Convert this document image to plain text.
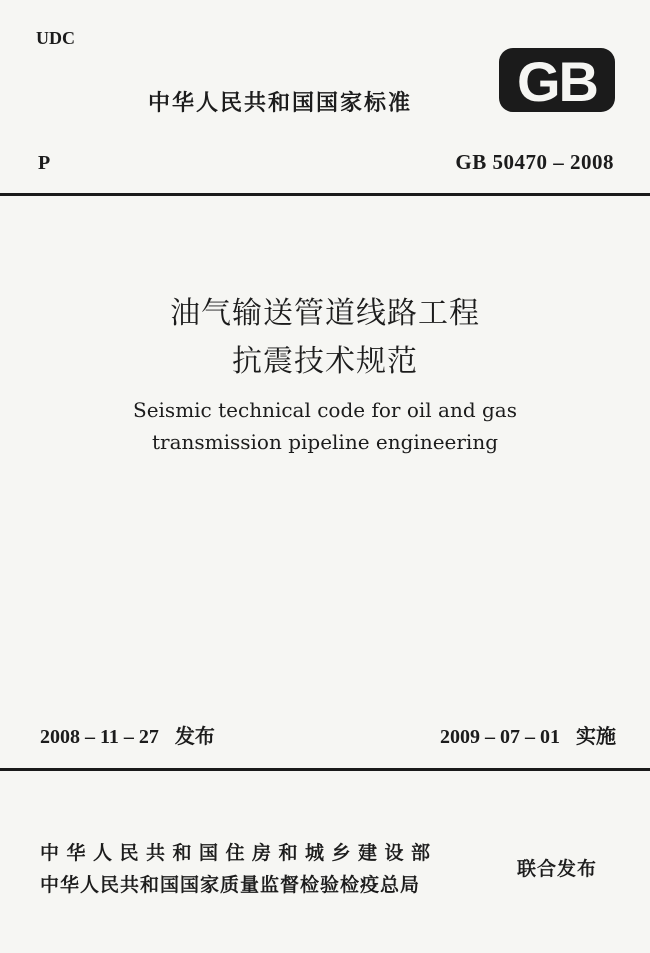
UDC
中华人民共和国国家标准 GB
P	GB 50470 – 2008
油气输送管道线路工程
抗震技术规范
Seismic technical code for oil and gas
transmission pipeline engineering
2008 – 11 – 27 发布	2009 – 07 – 01 实施
中华人民共和国住房和城乡建设部
中华人民共和国国家质量监督检验检疫总局
联合发布
